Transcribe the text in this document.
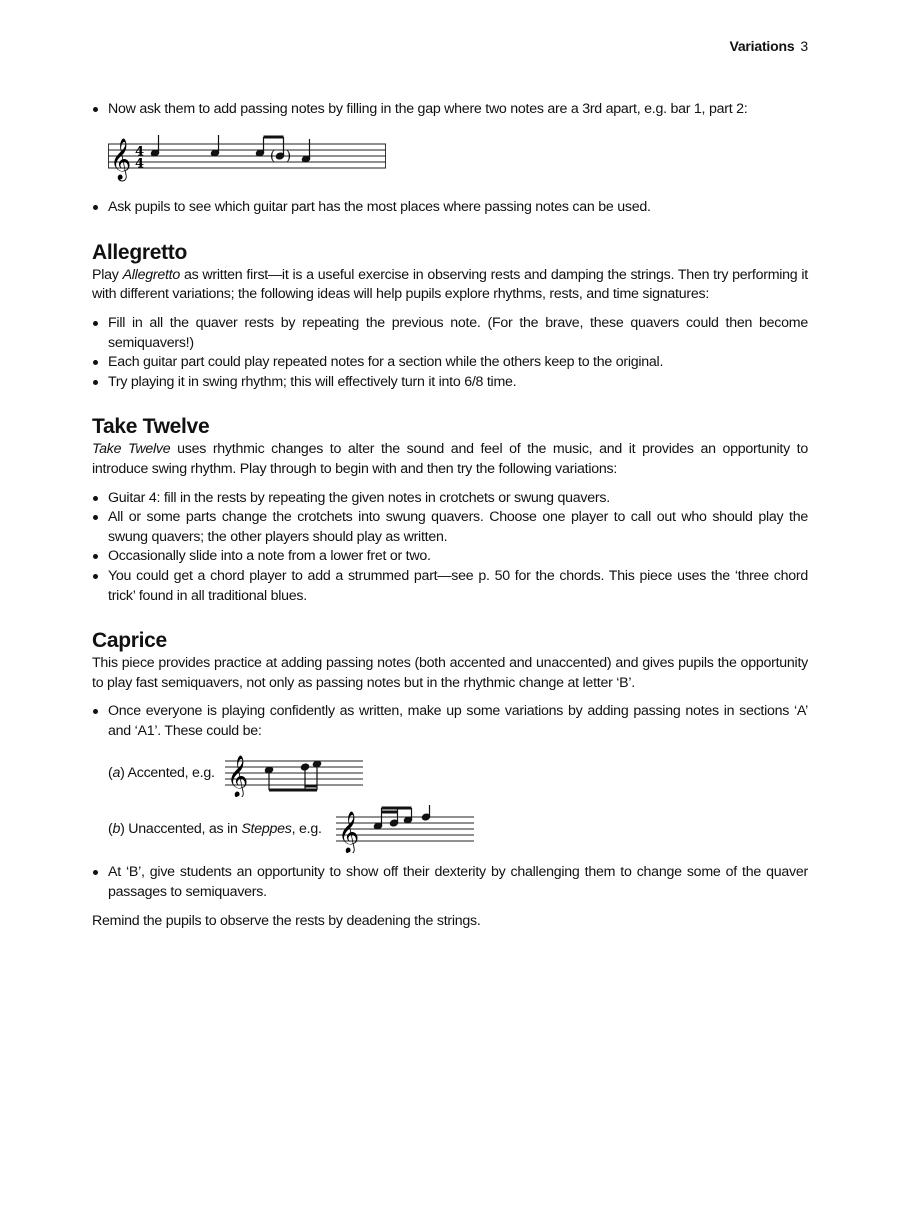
Variations 3
Now ask them to add passing notes by filling in the gap where two notes are a 3rd apart, e.g. bar 1, part 2:
𝄞 4
4	( )
Ask pupils to see which guitar part has the most places where passing notes can be used.
Allegretto

Play Allegretto as written first—it is a useful exercise in observing rests and damping the strings. Then try performing it with different variations; the following ideas will help pupils explore rhythms, rests, and time signatures:

Fill in all the quaver rests by repeating the previous note. (For the brave, these quavers could then become semiquavers!)
Each guitar part could play repeated notes for a section while the others keep to the original.
Try playing it in swing rhythm; this will effectively turn it into 6/8 time.
Take Twelve

Take Twelve uses rhythmic changes to alter the sound and feel of the music, and it provides an opportunity to introduce swing rhythm. Play through to begin with and then try the following variations:

Guitar 4: fill in the rests by repeating the given notes in crotchets or swung quavers.
All or some parts change the crotchets into swung quavers. Choose one player to call out who should play the swung quavers; the other players should play as written.
Occasionally slide into a note from a lower fret or two.
You could get a chord player to add a strummed part—see p. 50 for the chords. This piece uses the ‘three chord trick’ found in all traditional blues.
Caprice

This piece provides practice at adding passing notes (both accented and unaccented) and gives pupils the opportunity to play fast semiquavers, not only as passing notes but in the rhythmic change at letter ‘B’.

Once everyone is playing confidently as written, make up some variations by adding passing notes in sections ‘A’ and ‘A1’. These could be:
(a) Accented, e.g. 𝄞
(b) Unaccented, as in Steppes, e.g. 𝄞
At ‘B’, give students an opportunity to show off their dexterity by challenging them to change some of the quaver passages to semiquavers.

Remind the pupils to observe the rests by deadening the strings.
